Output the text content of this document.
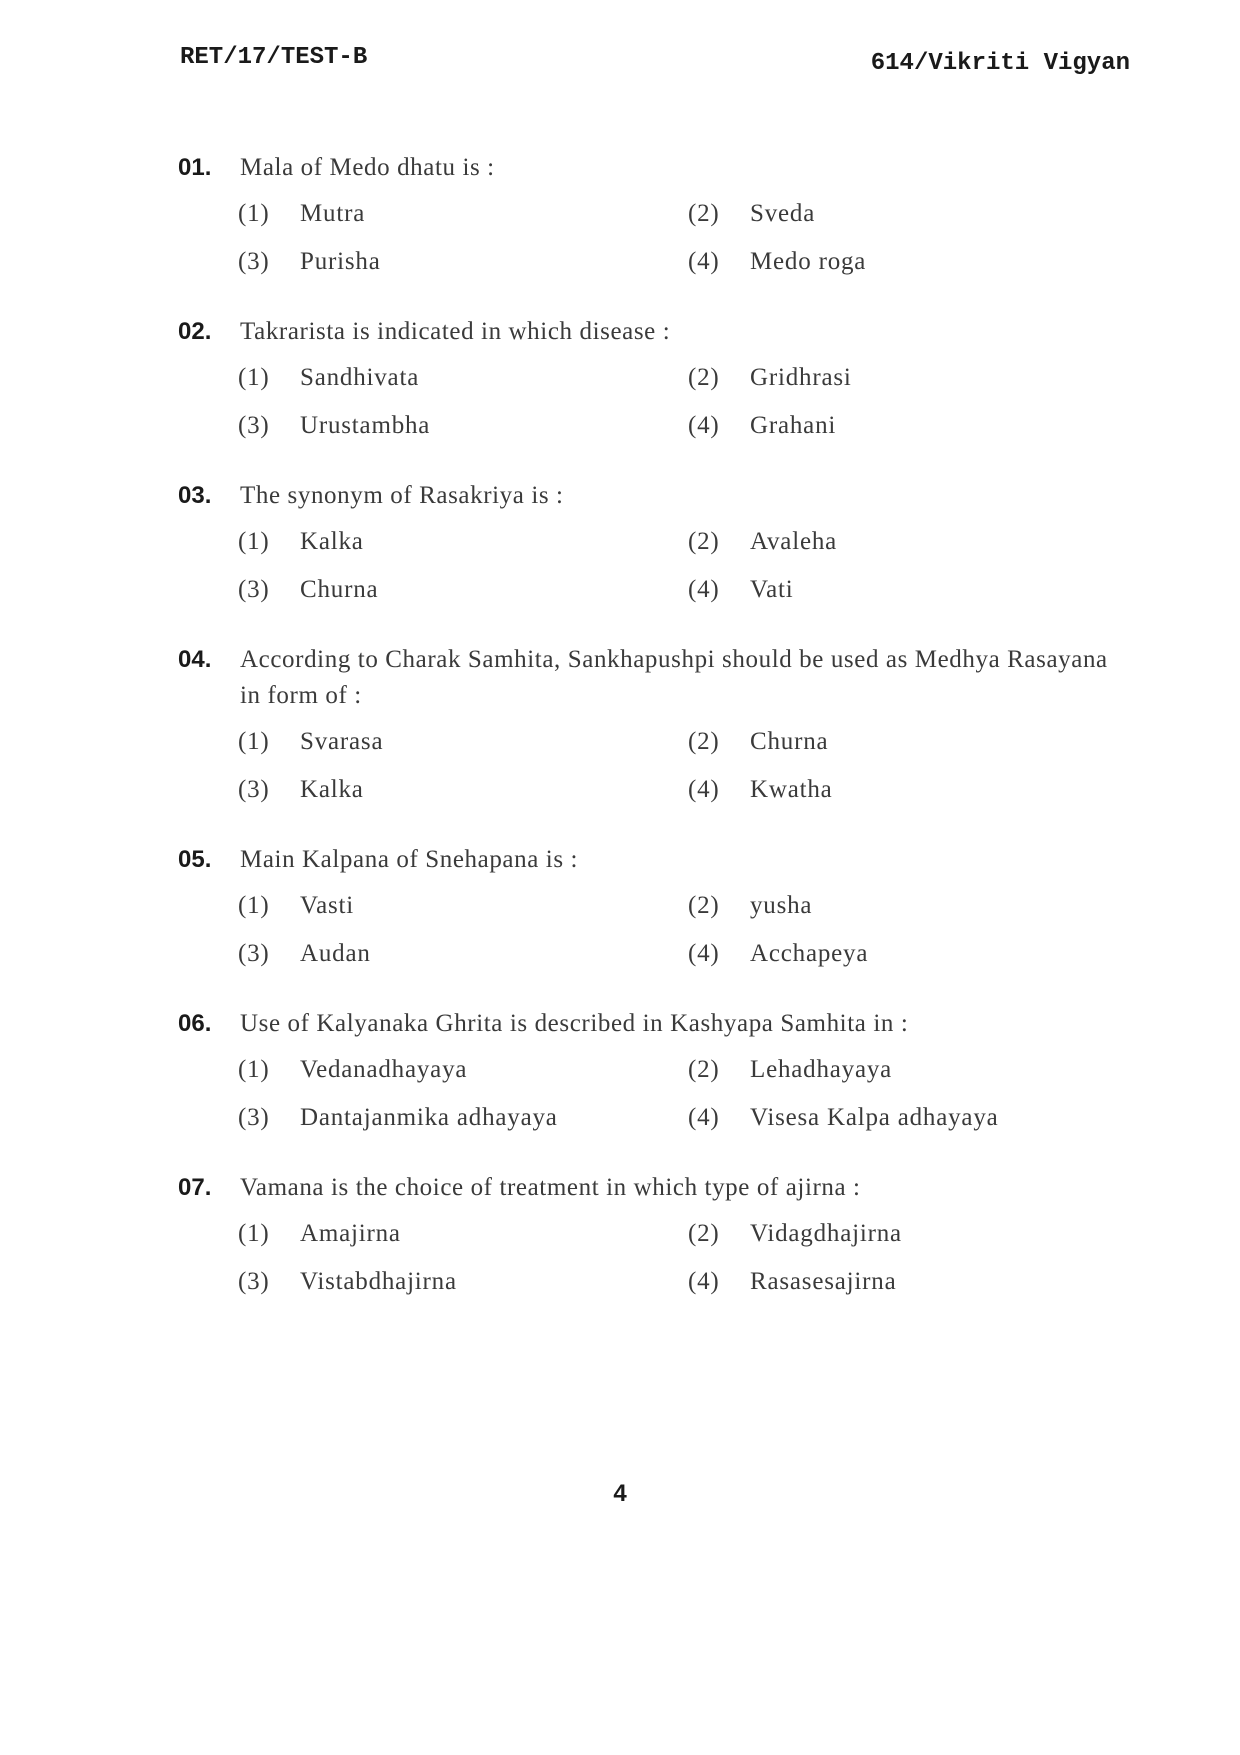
RET/17/TEST-B	614/Vikriti Vigyan
01.	Mala of Medo dhatu is :
(1)	Mutra	(2)	Sveda
(3)	Purisha	(4)	Medo roga
02.	Takrarista is indicated in which disease :
(1)	Sandhivata	(2)	Gridhrasi
(3)	Urustambha	(4)	Grahani
03.	The synonym of Rasakriya is :
(1)	Kalka	(2)	Avaleha
(3)	Churna	(4)	Vati
04.	According to Charak Samhita, Sankhapushpi should be used as Medhya Rasayana in form of :
(1)	Svarasa	(2)	Churna
(3)	Kalka	(4)	Kwatha
05.	Main Kalpana of Snehapana is :
(1)	Vasti	(2)	yusha
(3)	Audan	(4)	Acchapeya
06.	Use of Kalyanaka Ghrita is described in Kashyapa Samhita in :
(1)	Vedanadhayaya	(2)	Lehadhayaya
(3)	Dantajanmika adhayaya	(4)	Visesa Kalpa adhayaya
07.	Vamana is the choice of treatment in which type of ajirna :
(1)	Amajirna	(2)	Vidagdhajirna
(3)	Vistabdhajirna	(4)	Rasasesajirna
4
